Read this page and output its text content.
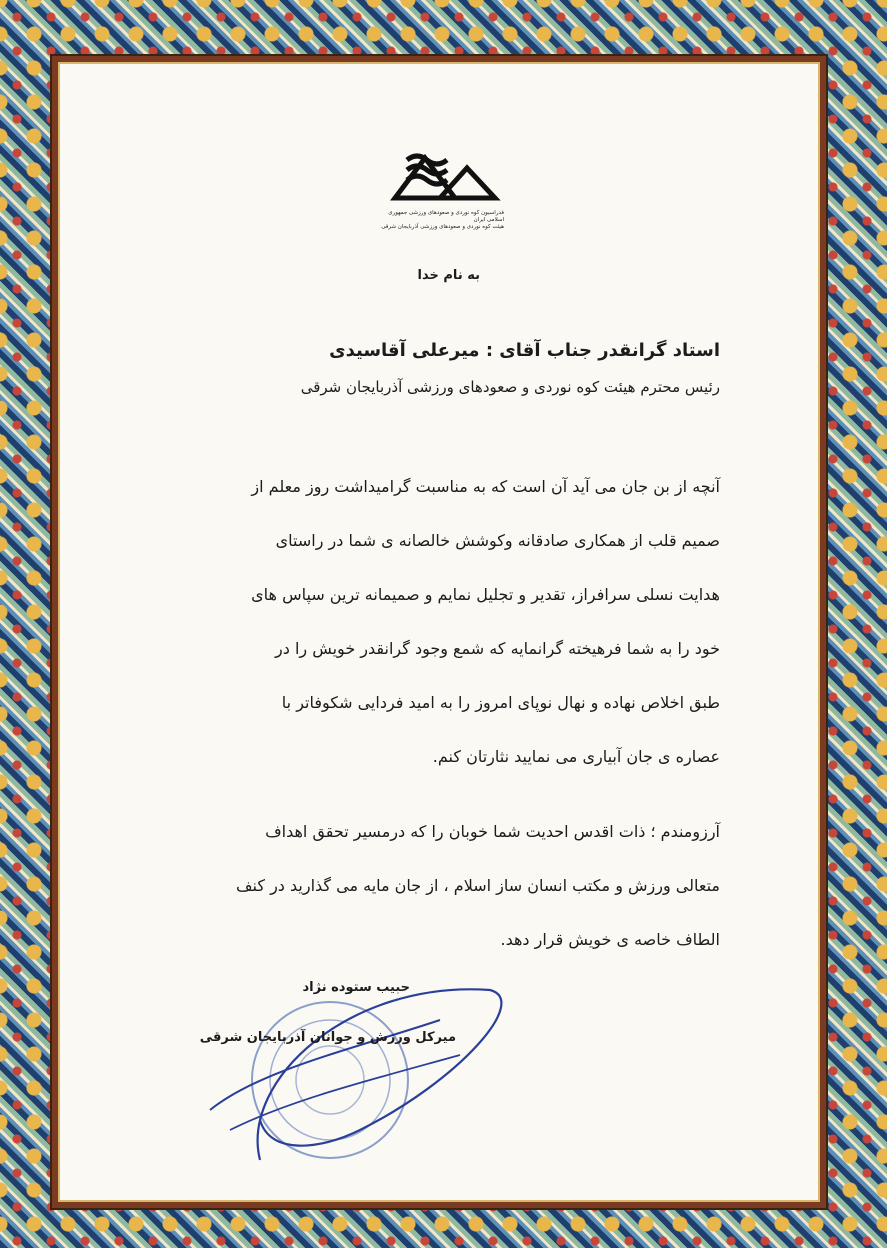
فدراسیون کوه نوردی و صعودهای ورزشی جمهوری اسلامی ایران
هیئت کوه نوردی و صعودهای ورزشی آذربایجان شرقی
به نام خدا
استاد گرانقدر جناب آقای : میرعلی آقاسیدی
رئیس محترم هیئت کوه نوردی و صعودهای ورزشی آذربایجان شرقی
آنچه از بن جان می آید آن است که به مناسبت گرامیداشت روز معلم از
صمیم قلب از همکاری صادقانه وکوشش خالصانه ی شما در راستای
هدایت نسلی سرافراز، تقدیر و تجلیل نمایم و صمیمانه ترین سپاس های
خود را به شما فرهیخته گرانمایه که شمع وجود گرانقدر خویش را در
طبق اخلاص نهاده و نهال نوپای امروز را به امید فردایی شکوفاتر با
عصاره ی جان آبیاری می نمایید نثارتان کنم.
آرزومندم ؛ ذات اقدس احدیت شما خوبان را که درمسیر تحقق اهداف
متعالی ورزش و مکتب انسان ساز اسلام ، از جان مایه می گذارید در کنف
الطاف خاصه ی خویش قرار دهد.
حبیب ستوده نژاد
میرکل ورزش و جوانان آذربایجان شرقی
